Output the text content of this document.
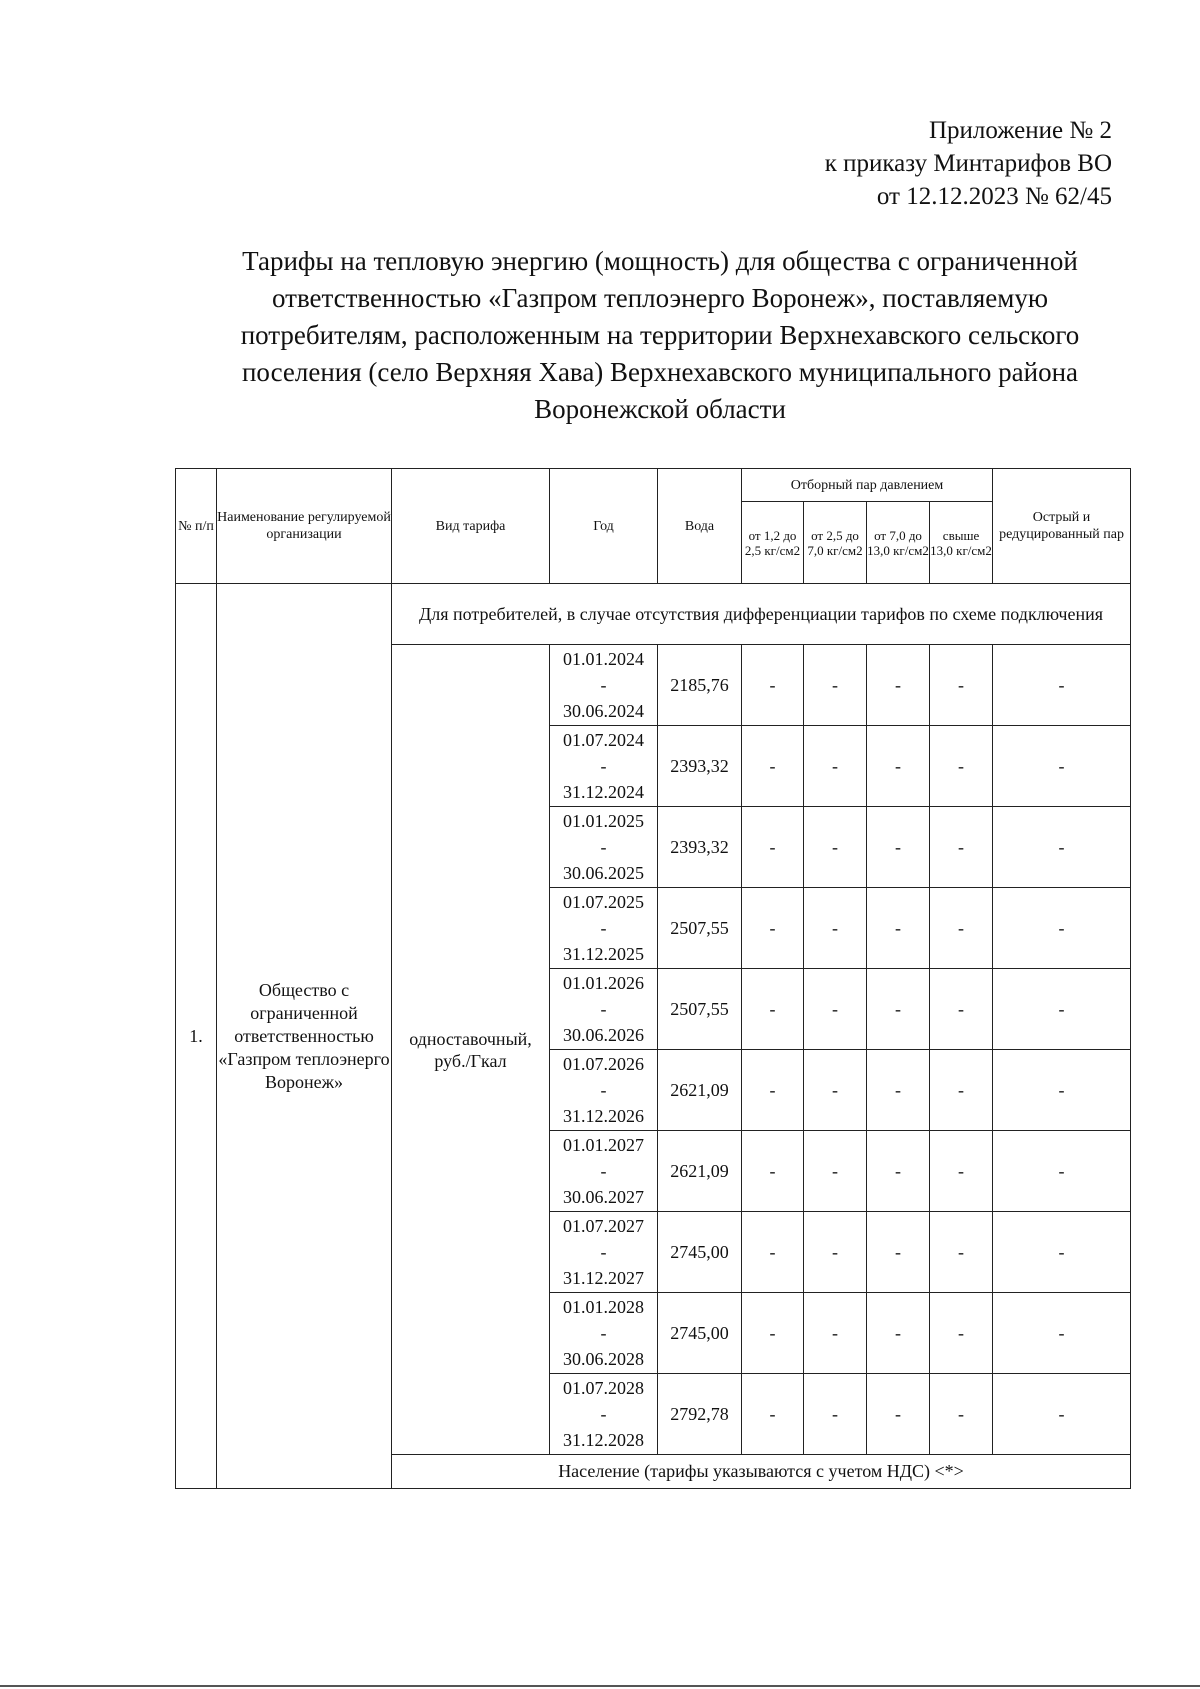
Приложение № 2
к приказу Минтарифов ВО
от 12.12.2023 № 62/45
Тарифы на тепловую энергию (мощность) для общества с ограниченной
ответственностью «Газпром теплоэнерго Воронеж», поставляемую
потребителям, расположенным на территории Верхнехавского сельского
поселения (село Верхняя Хава) Верхнехавского муниципального района
Воронежской области
№ п/п	Наименование регулируемой организации	Вид тарифа	Год	Вода	Отборный пар давлением				Острый и редуцированный пар
					от 1,2 до 2,5 кг/см2	от 2,5 до 7,0 кг/см2	от 7,0 до 13,0 кг/см2	свыше 13,0 кг/см2	
1.	Общество с ограниченной ответственностью «Газпром теплоэнерго Воронеж»	Для потребителей, в случае отсутствия дифференциации тарифов по схеме подключения							
		одноставочный, руб./Гкал	01.01.2024
-
30.06.2024	2185,76	-	-	-	-	-

			01.07.2024
-
31.12.2024	2393,32	-	-	-	-	-

			01.01.2025
-
30.06.2025	2393,32	-	-	-	-	-

			01.07.2025
-
31.12.2025	2507,55	-	-	-	-	-

			01.01.2026
-
30.06.2026	2507,55	-	-	-	-	-

			01.07.2026
-
31.12.2026	2621,09	-	-	-	-	-

			01.01.2027
-
30.06.2027	2621,09	-	-	-	-	-

			01.07.2027
-
31.12.2027	2745,00	-	-	-	-	-

			01.01.2028
-
30.06.2028	2745,00	-	-	-	-	-

			01.07.2028
-
31.12.2028	2792,78	-	-	-	-	-
		Население (тарифы указываются с учетом НДС) <*>							
